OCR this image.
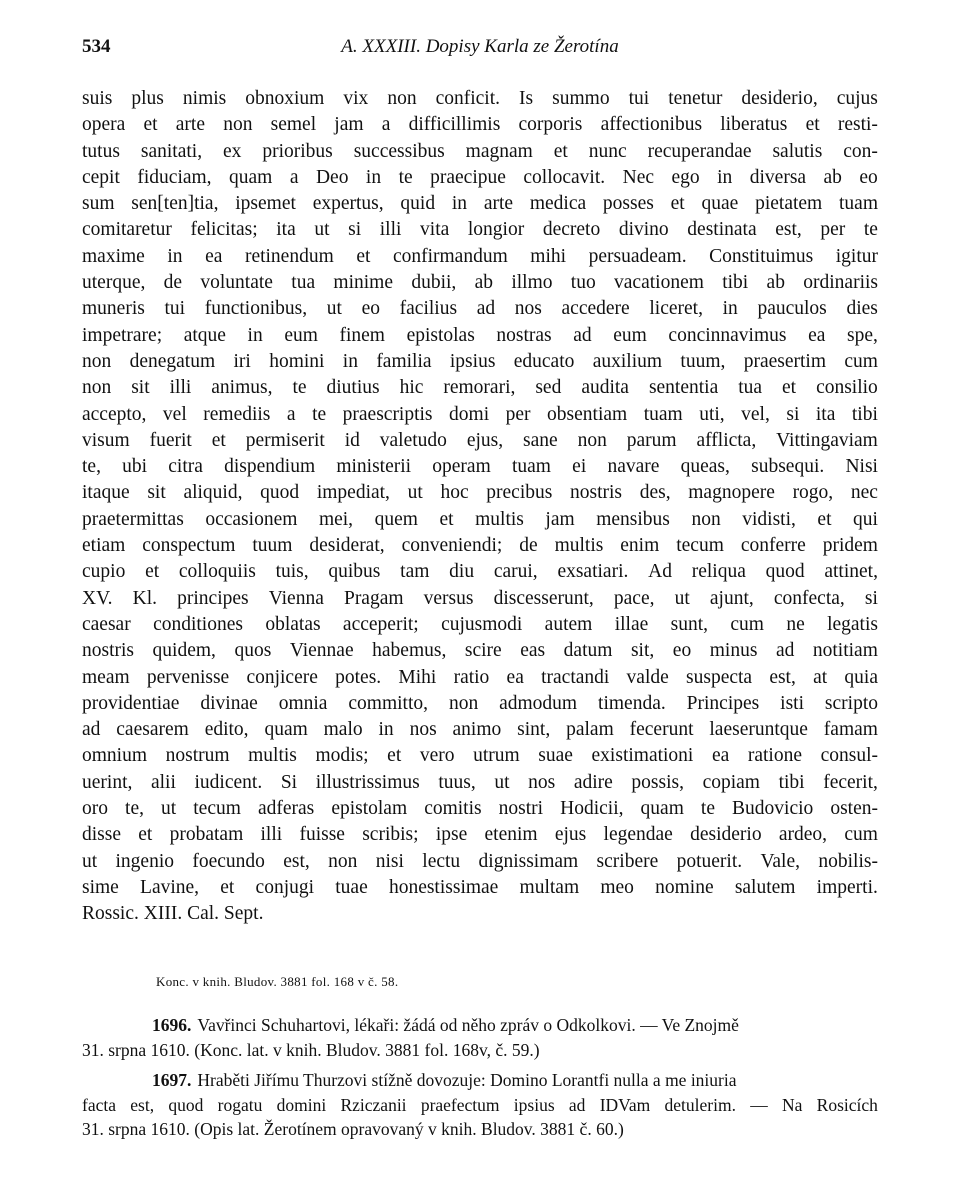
534	A. XXXIII. Dopisy Karla ze Žerotína
suis plus nimis obnoxium vix non conficit. Is summo tui tenetur desiderio, cujus
opera et arte non semel jam a difficillimis corporis affectionibus liberatus et resti-
tutus sanitati, ex prioribus successibus magnam et nunc recuperandae salutis con-
cepit fiduciam, quam a Deo in te praecipue collocavit. Nec ego in diversa ab eo
sum sen[ten]tia, ipsemet expertus, quid in arte medica posses et quae pietatem tuam
comitaretur felicitas; ita ut si illi vita longior decreto divino destinata est, per te
maxime in ea retinendum et confirmandum mihi persuadeam. Constituimus igitur
uterque, de voluntate tua minime dubii, ab illmo tuo vacationem tibi ab ordinariis
muneris tui functionibus, ut eo facilius ad nos accedere liceret, in pauculos dies
impetrare; atque in eum finem epistolas nostras ad eum concinnavimus ea spe,
non denegatum iri homini in familia ipsius educato auxilium tuum, praesertim cum
non sit illi animus, te diutius hic remorari, sed audita sententia tua et consilio
accepto, vel remediis a te praescriptis domi per obsentiam tuam uti, vel, si ita tibi
visum fuerit et permiserit id valetudo ejus, sane non parum afflicta, Vittingaviam
te, ubi citra dispendium ministerii operam tuam ei navare queas, subsequi. Nisi
itaque sit aliquid, quod impediat, ut hoc precibus nostris des, magnopere rogo, nec
praetermittas occasionem mei, quem et multis jam mensibus non vidisti, et qui
etiam conspectum tuum desiderat, conveniendi; de multis enim tecum conferre pridem
cupio et colloquiis tuis, quibus tam diu carui, exsatiari. Ad reliqua quod attinet,
XV. Kl. principes Vienna Pragam versus discesserunt, pace, ut ajunt, confecta, si
caesar conditiones oblatas acceperit; cujusmodi autem illae sunt, cum ne legatis
nostris quidem, quos Viennae habemus, scire eas datum sit, eo minus ad notitiam
meam pervenisse conjicere potes. Mihi ratio ea tractandi valde suspecta est, at quia
providentiae divinae omnia committo, non admodum timenda. Principes isti scripto
ad caesarem edito, quam malo in nos animo sint, palam fecerunt laeseruntque famam
omnium nostrum multis modis; et vero utrum suae existimationi ea ratione consul-
uerint, alii iudicent. Si illustrissimus tuus, ut nos adire possis, copiam tibi fecerit,
oro te, ut tecum adferas epistolam comitis nostri Hodicii, quam te Budovicio osten-
disse et probatam illi fuisse scribis; ipse etenim ejus legendae desiderio ardeo, cum
ut ingenio foecundo est, non nisi lectu dignissimam scribere potuerit. Vale, nobilis-
sime Lavine, et conjugi tuae honestissimae multam meo nomine salutem imperti.
Rossic. XIII. Cal. Sept.
Konc. v knih. Bludov. 3881 fol. 168 v č. 58.
1696. Vavřinci Schuhartovi, lékaři: žádá od něho zpráv o Odkolkovi. — Ve Znojmě
31. srpna 1610. (Konc. lat. v knih. Bludov. 3881 fol. 168v, č. 59.)
1697. Hraběti Jiřímu Thurzovi stížně dovozuje: Domino Lorantfi nulla a me iniuria
facta est, quod rogatu domini Rziczanii praefectum ipsius ad IDVam detulerim. — Na Rosicích
31. srpna 1610. (Opis lat. Žerotínem opravovaný v knih. Bludov. 3881 č. 60.)
